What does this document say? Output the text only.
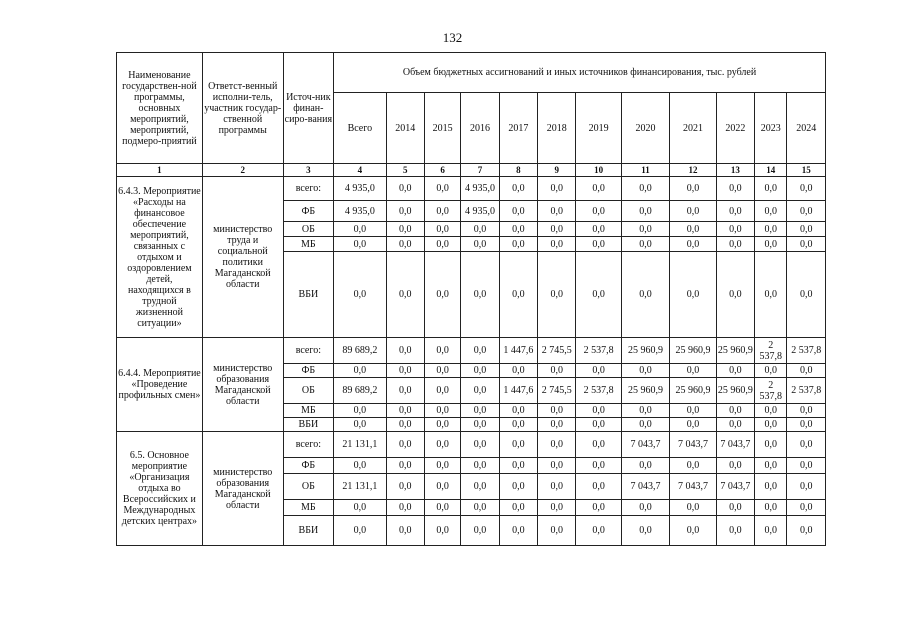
132
Наименование государствен-ной программы, основных мероприятий, мероприятий, подмеро-приятий	Ответст-венный исполни-тель, участник государ-ственной программы	Источ-ник финан-сиро-вания	Объем бюджетных ассигнований и иных источников финансирования, тыс. рублей											
			Всего	2014	2015	2016	2017	2018	2019	2020	2021	2022	2023	2024
1	2	3	4	5	6	7	8	9	10	11	12	13	14	15
6.4.3. Мероприятие «Расходы на финансовое обеспечение мероприятий, связанных с отдыхом и оздоровлением детей, находящихся в трудной жизненной ситуации»	министерство труда и социальной политики Магаданской области	всего:	4 935,0	0,0	0,0	4 935,0	0,0	0,0	0,0	0,0	0,0	0,0	0,0	0,0
		ФБ	4 935,0	0,0	0,0	4 935,0	0,0	0,0	0,0	0,0	0,0	0,0	0,0	0,0
		ОБ	0,0	0,0	0,0	0,0	0,0	0,0	0,0	0,0	0,0	0,0	0,0	0,0
		МБ	0,0	0,0	0,0	0,0	0,0	0,0	0,0	0,0	0,0	0,0	0,0	0,0
		ВБИ	0,0	0,0	0,0	0,0	0,0	0,0	0,0	0,0	0,0	0,0	0,0	0,0
6.4.4. Мероприятие «Проведение профильных смен»	министерство образования Магаданской области	всего:	89 689,2	0,0	0,0	0,0	1 447,6	2 745,5	2 537,8	25 960,9	25 960,9	25 960,9	2 537,8	2 537,8
		ФБ	0,0	0,0	0,0	0,0	0,0	0,0	0,0	0,0	0,0	0,0	0,0	0,0
		ОБ	89 689,2	0,0	0,0	0,0	1 447,6	2 745,5	2 537,8	25 960,9	25 960,9	25 960,9	2 537,8	2 537,8
		МБ	0,0	0,0	0,0	0,0	0,0	0,0	0,0	0,0	0,0	0,0	0,0	0,0
		ВБИ	0,0	0,0	0,0	0,0	0,0	0,0	0,0	0,0	0,0	0,0	0,0	0,0
6.5. Основное мероприятие «Организация отдыха во Всероссийских и Международных детских центрах»	министерство образования Магаданской области	всего:	21 131,1	0,0	0,0	0,0	0,0	0,0	0,0	7 043,7	7 043,7	7 043,7	0,0	0,0
		ФБ	0,0	0,0	0,0	0,0	0,0	0,0	0,0	0,0	0,0	0,0	0,0	0,0
		ОБ	21 131,1	0,0	0,0	0,0	0,0	0,0	0,0	7 043,7	7 043,7	7 043,7	0,0	0,0
		МБ	0,0	0,0	0,0	0,0	0,0	0,0	0,0	0,0	0,0	0,0	0,0	0,0
		ВБИ	0,0	0,0	0,0	0,0	0,0	0,0	0,0	0,0	0,0	0,0	0,0	0,0
